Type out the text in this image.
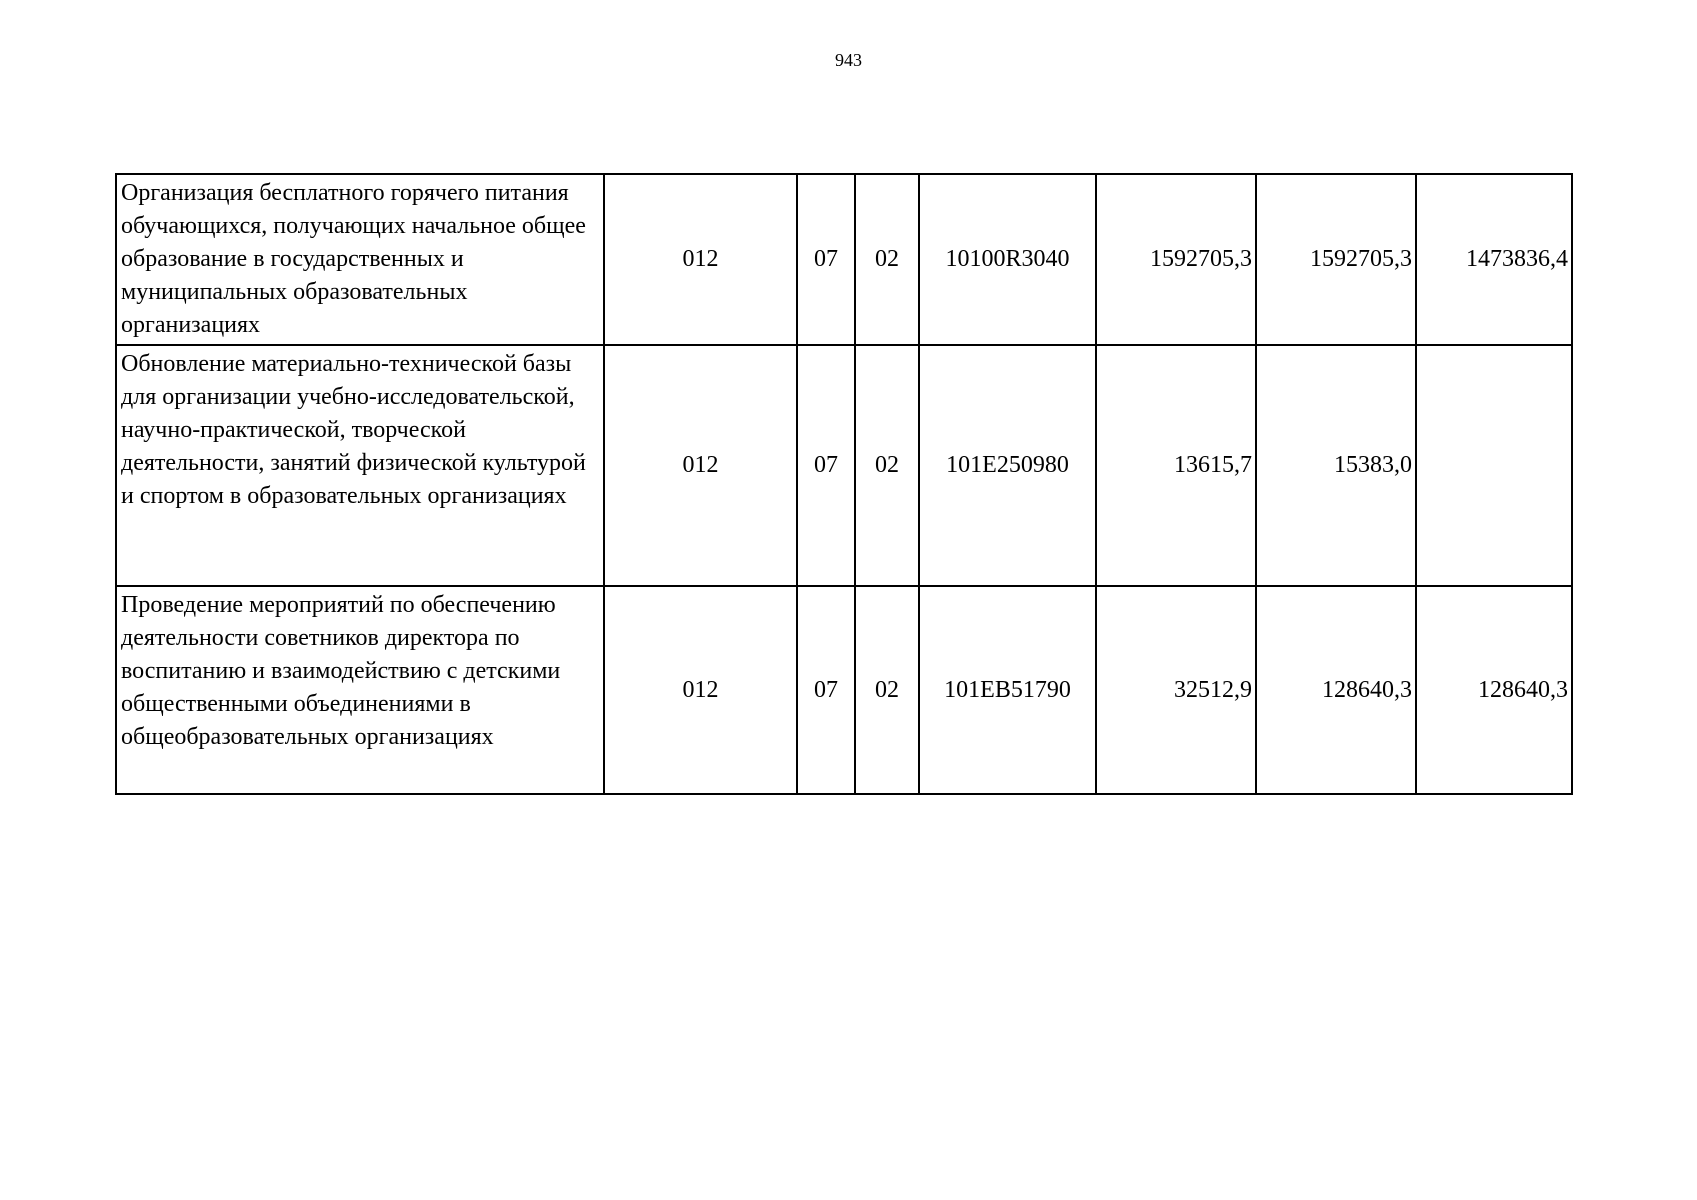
943
Организация бесплатного горячего питания обучающихся, получающих начальное общее образование в государственных и муниципальных образовательных организациях	012	07	02	10100R3040	1592705,3	1592705,3	1473836,4
Обновление материально-технической базы для организации учебно-исследовательской, научно-практической, творческой деятельности, занятий физической культурой и спортом в образовательных организациях	012	07	02	101E250980	13615,7	15383,0	
Проведение мероприятий по обеспечению деятельности советников директора по воспитанию и взаимодействию с детскими общественными объединениями в общеобразовательных организациях	012	07	02	101EB51790	32512,9	128640,3	128640,3
